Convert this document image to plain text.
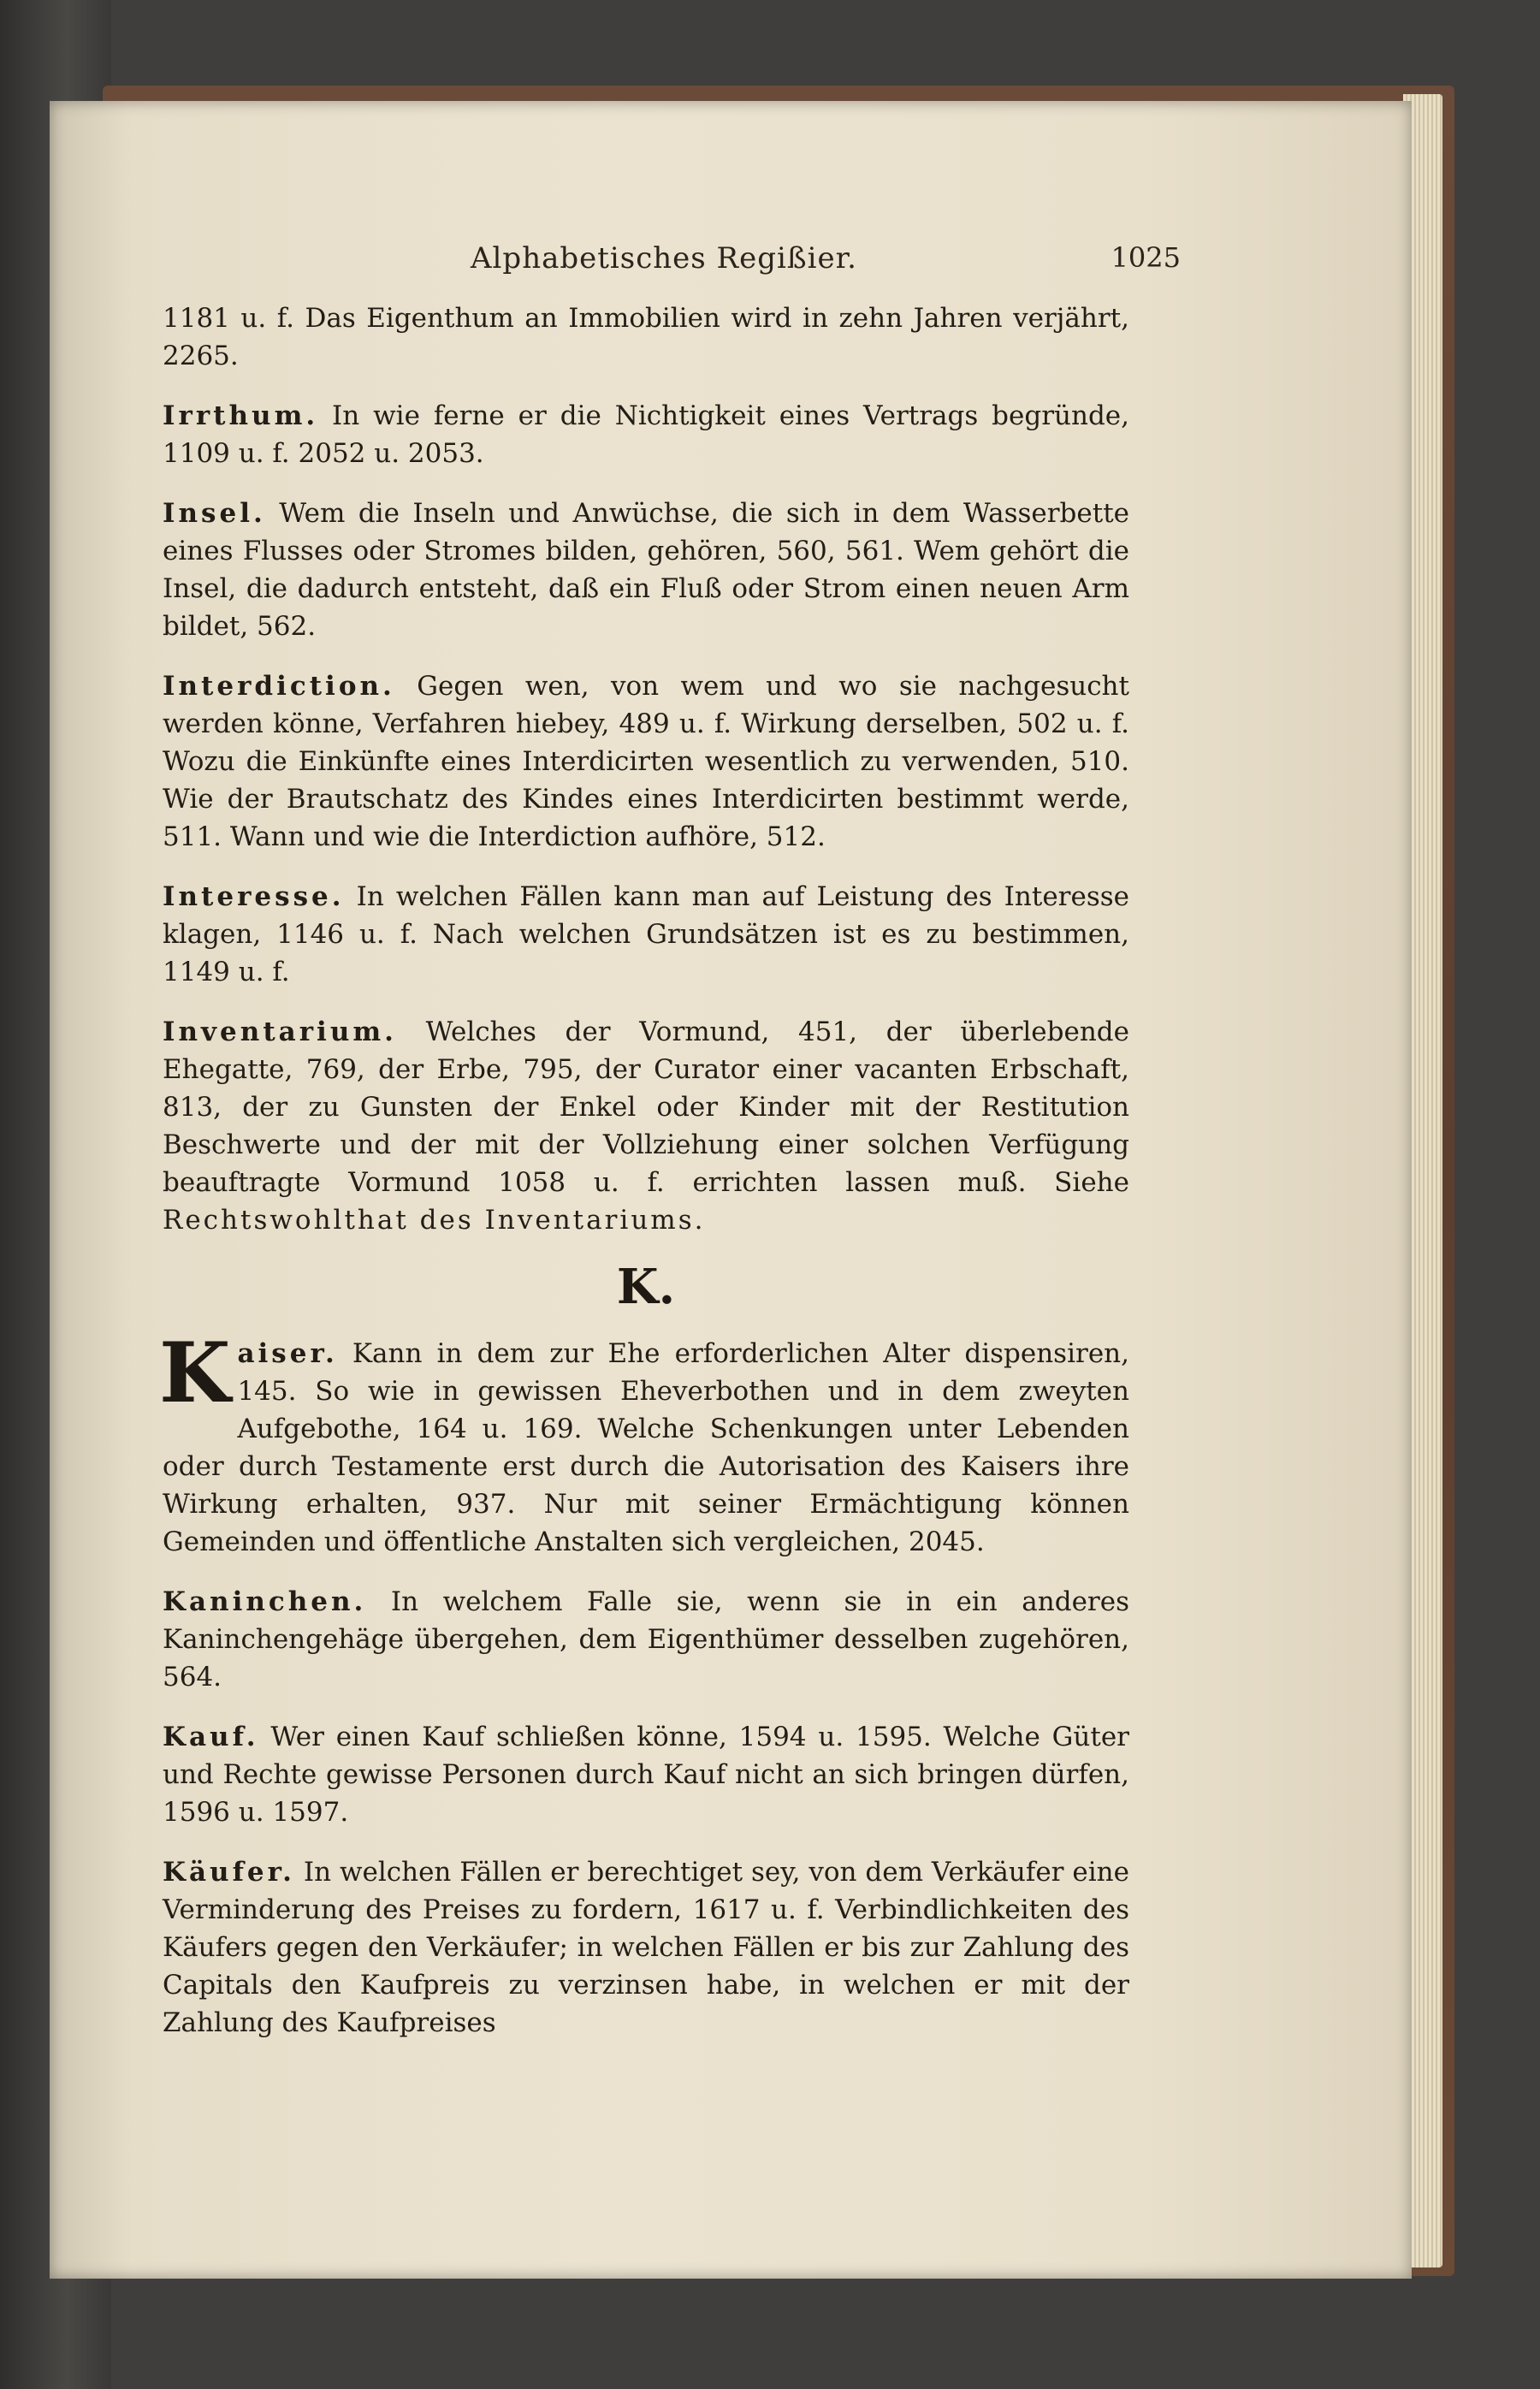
Alphabetisches Regißier.	1025

1181 u. f. Das Eigenthum an Immobilien wird in zehn Jahren verjährt, 2265.

Irrthum. In wie ferne er die Nichtigkeit eines Vertrags begründe, 1109 u. f. 2052 u. 2053.

Insel. Wem die Inseln und Anwüchse, die sich in dem Wasserbette eines Flusses oder Stromes bilden, gehören, 560, 561. Wem gehört die Insel, die dadurch entsteht, daß ein Fluß oder Strom einen neuen Arm bildet, 562.

Interdiction. Gegen wen, von wem und wo sie nachgesucht werden könne, Verfahren hiebey, 489 u. f. Wirkung derselben, 502 u. f. Wozu die Einkünfte eines Interdicirten wesentlich zu verwenden, 510. Wie der Brautschatz des Kindes eines Interdicirten bestimmt werde, 511. Wann und wie die Interdiction aufhöre, 512.

Interesse. In welchen Fällen kann man auf Leistung des Interesse klagen, 1146 u. f. Nach welchen Grundsätzen ist es zu bestimmen, 1149 u. f.

Inventarium. Welches der Vormund, 451, der überlebende Ehegatte, 769, der Erbe, 795, der Curator einer vacanten Erbschaft, 813, der zu Gunsten der Enkel oder Kinder mit der Restitution Beschwerte und der mit der Vollziehung einer solchen Verfügung beauftragte Vormund 1058 u. f. errichten lassen muß. Siehe Rechtswohlthat des Inventariums.

K.

K aiser. Kann in dem zur Ehe erforderlichen Alter dispensiren, 145. So wie in gewissen Eheverbothen und in dem zweyten Aufgebothe, 164 u. 169. Welche Schenkungen unter Lebenden oder durch Testamente erst durch die Autorisation des Kaisers ihre Wirkung erhalten, 937. Nur mit seiner Ermächtigung können Gemeinden und öffentliche Anstalten sich vergleichen, 2045.

Kaninchen. In welchem Falle sie, wenn sie in ein anderes Kaninchengehäge übergehen, dem Eigenthümer desselben zugehören, 564.

Kauf. Wer einen Kauf schließen könne, 1594 u. 1595. Welche Güter und Rechte gewisse Personen durch Kauf nicht an sich bringen dürfen, 1596 u. 1597.

Käufer. In welchen Fällen er berechtiget sey, von dem Verkäufer eine Verminderung des Preises zu fordern, 1617 u. f. Verbindlichkeiten des Käufers gegen den Verkäufer; in welchen Fällen er bis zur Zahlung des Capitals den Kaufpreis zu verzinsen habe, in welchen er mit der Zahlung des Kaufpreises
